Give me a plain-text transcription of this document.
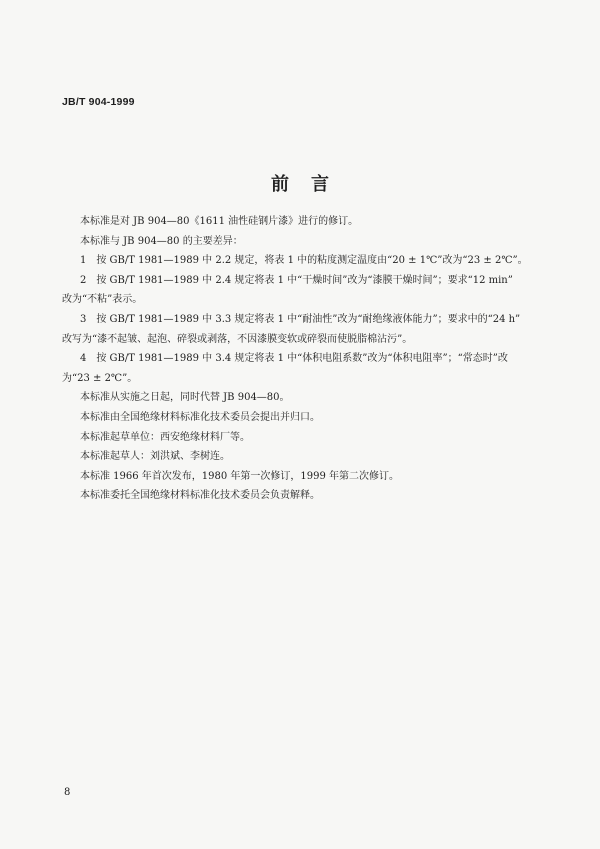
JB/T 904-1999
前言

本标准是对 JB 904—80《1611 油性硅钢片漆》进行的修订。

本标准与 JB 904—80 的主要差异：

1　按 GB/T 1981—1989 中 2.2 规定，将表 1 中的粘度测定温度由“20 ± 1℃”改为“23 ± 2℃”。

2　按 GB/T 1981—1989 中 2.4 规定将表 1 中“干燥时间”改为“漆膜干燥时间”；要求“12 min”

改为“不粘”表示。

3　按 GB/T 1981—1989 中 3.3 规定将表 1 中“耐油性”改为“耐绝缘液体能力”；要求中的“24 h”

改写为“漆不起皱、起泡、碎裂或剥落，不因漆膜变软或碎裂而使脱脂棉沾污”。

4　按 GB/T 1981—1989 中 3.4 规定将表 1 中“体积电阻系数”改为“体积电阻率”；“常态时”改

为“23 ± 2℃”。

本标准从实施之日起，同时代替 JB 904—80。

本标准由全国绝缘材料标准化技术委员会提出并归口。

本标准起草单位：西安绝缘材料厂等。

本标准起草人：刘洪斌、李树连。

本标准 1966 年首次发布，1980 年第一次修订，1999 年第二次修订。

本标准委托全国绝缘材料标准化技术委员会负责解释。

8
